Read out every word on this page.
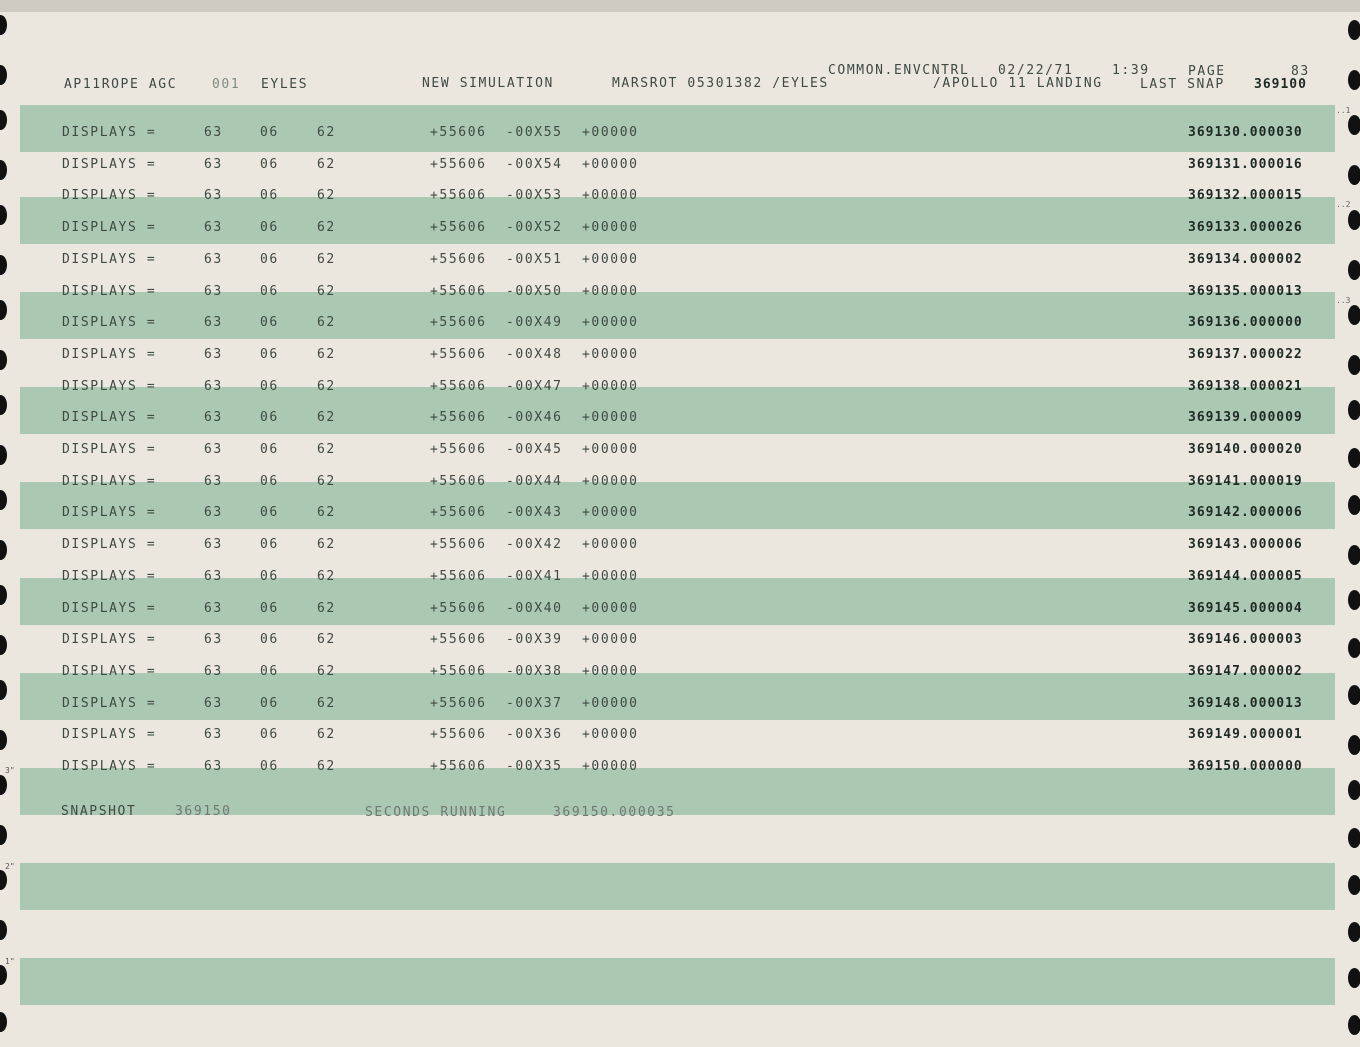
3"
2"
1"
..1
..2
..3
AP11ROPE AGC	001 EYLES	NEW SIMULATION	MARSROT 05301382 /EYLES
COMMON.ENVCNTRL 02/22/71	1:39	PAGE	83
/APOLLO 11 LANDING	LAST SNAP 369100
DISPLAYS =	63	06	62	+55606 -00X55 +00000	369130.000030
DISPLAYS =	63	06	62	+55606 -00X54 +00000	369131.000016
DISPLAYS =	63	06	62	+55606 -00X53 +00000	369132.000015
DISPLAYS =	63	06	62	+55606 -00X52 +00000	369133.000026
DISPLAYS =	63	06	62	+55606 -00X51 +00000	369134.000002
DISPLAYS =	63	06	62	+55606 -00X50 +00000	369135.000013
DISPLAYS =	63	06	62	+55606 -00X49 +00000	369136.000000
DISPLAYS =	63	06	62	+55606 -00X48 +00000	369137.000022
DISPLAYS =	63	06	62	+55606 -00X47 +00000	369138.000021
DISPLAYS =	63	06	62	+55606 -00X46 +00000	369139.000009
DISPLAYS =	63	06	62	+55606 -00X45 +00000	369140.000020
DISPLAYS =	63	06	62	+55606 -00X44 +00000	369141.000019
DISPLAYS =	63	06	62	+55606 -00X43 +00000	369142.000006
DISPLAYS =	63	06	62	+55606 -00X42 +00000	369143.000006
DISPLAYS =	63	06	62	+55606 -00X41 +00000	369144.000005
DISPLAYS =	63	06	62	+55606 -00X40 +00000	369145.000004
DISPLAYS =	63	06	62	+55606 -00X39 +00000	369146.000003
DISPLAYS =	63	06	62	+55606 -00X38 +00000	369147.000002
DISPLAYS =	63	06	62	+55606 -00X37 +00000	369148.000013
DISPLAYS =	63	06	62	+55606 -00X36 +00000	369149.000001
DISPLAYS =	63	06	62	+55606 -00X35 +00000	369150.000000
SNAPSHOT	369150	SECONDS RUNNING	369150.000035
